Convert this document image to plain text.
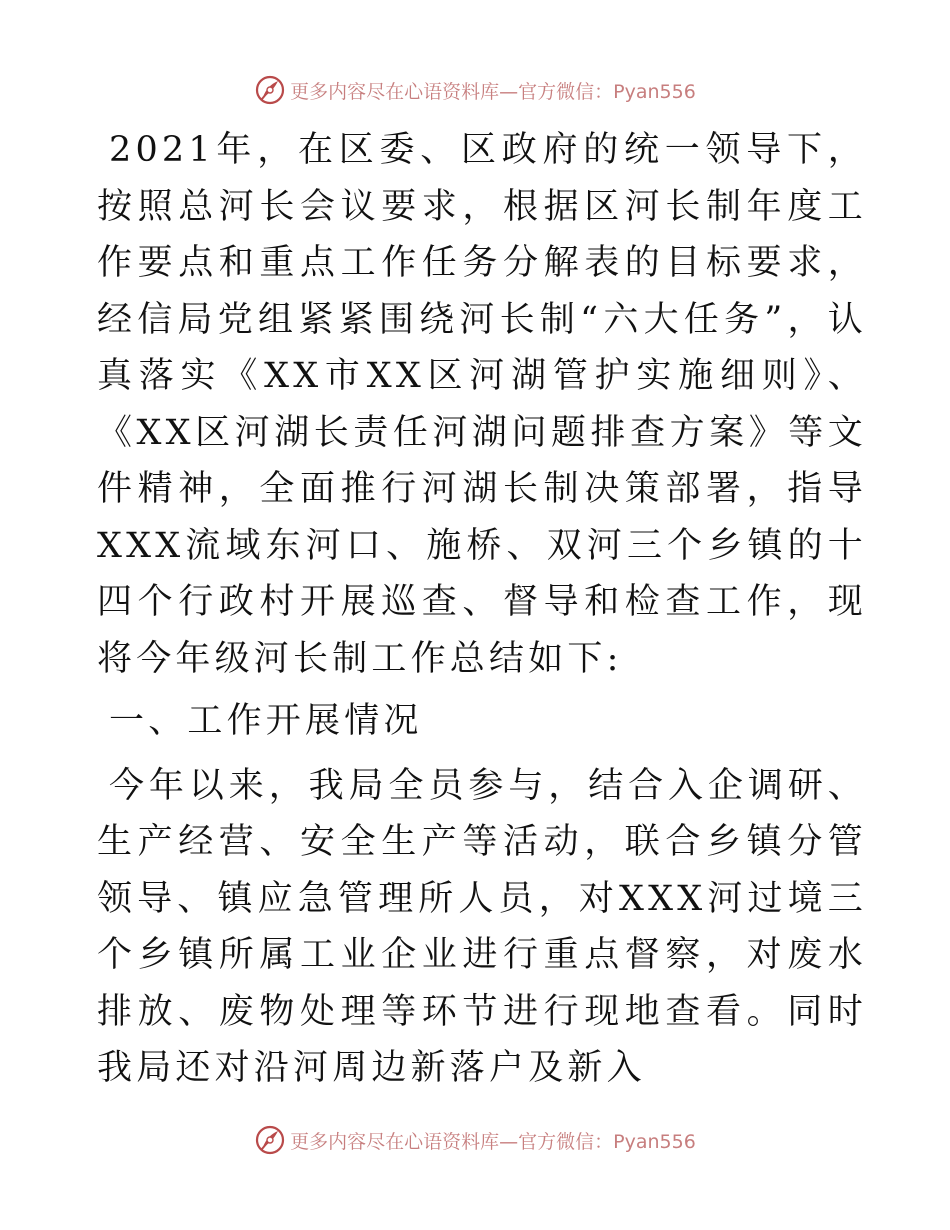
更多内容尽在心语资料库—官方微信：Pyan556

2021年，在区委、区政府的统一领导下，按照总河长会议要求，根据区河长制年度工作要点和重点工作任务分解表的目标要求，经信局党组紧紧围绕河长制“六大任务”，认真落实《XX市XX区河湖管护实施细则》、《XX区河湖长责任河湖问题排查方案》等文件精神，全面推行河湖长制决策部署，指导XXX流域东河口、施桥、双河三个乡镇的十四个行政村开展巡查、督导和检查工作，现将今年级河长制工作总结如下:

一、工作开展情况

今年以来，我局全员参与，结合入企调研、生产经营、安全生产等活动，联合乡镇分管领导、镇应急管理所人员，对XXX河过境三个乡镇所属工业企业进行重点督察，对废水排放、废物处理等环节进行现地查看。同时我局还对沿河周边新落户及新入

更多内容尽在心语资料库—官方微信：Pyan556
